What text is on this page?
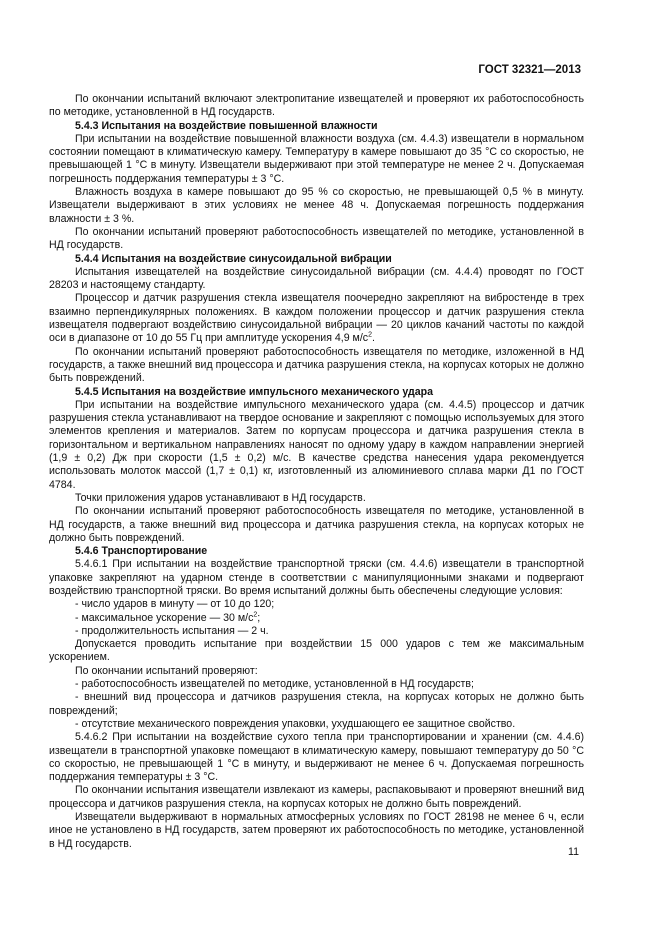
ГОСТ 32321—2013

По окончании испытаний включают электропитание извещателей и проверяют их работоспособность по методике, установленной в НД государств.

5.4.3 Испытания на воздействие повышенной влажности

При испытании на воздействие повышенной влажности воздуха (см. 4.4.3) извещатели в нормальном состоянии помещают в климатическую камеру. Температуру в камере повышают до 35 °С со скоростью, не превышающей 1 °С в минуту. Извещатели выдерживают при этой температуре не менее 2 ч. Допускаемая погрешность поддержания температуры ± 3 °С.

Влажность воздуха в камере повышают до 95 % со скоростью, не превышающей 0,5 % в минуту. Извещатели выдерживают в этих условиях не менее 48 ч. Допускаемая погрешность поддержания влажности ± 3 %.

По окончании испытаний проверяют работоспособность извещателей по методике, установленной в НД государств.

5.4.4 Испытания на воздействие синусоидальной вибрации

Испытания извещателей на воздействие синусоидальной вибрации (см. 4.4.4) проводят по ГОСТ 28203 и настоящему стандарту.

Процессор и датчик разрушения стекла извещателя поочередно закрепляют на вибростенде в трех взаимно перпендикулярных положениях. В каждом положении процессор и датчик разрушения стекла извещателя подвергают воздействию синусоидальной вибрации — 20 циклов качаний частоты по каждой оси в диапазоне от 10 до 55 Гц при амплитуде ускорения 4,9 $м/с^2$.

По окончании испытаний проверяют работоспособность извещателя по методике, изложенной в НД государств, а также внешний вид процессора и датчика разрушения стекла, на корпусах которых не должно быть повреждений.

5.4.5 Испытания на воздействие импульсного механического удара

При испытании на воздействие импульсного механического удара (см. 4.4.5) процессор и датчик разрушения стекла устанавливают на твердое основание и закрепляют с помощью используемых для этого элементов крепления и материалов. Затем по корпусам процессора и датчика разрушения стекла в горизонтальном и вертикальном направлениях наносят по одному удару в каждом направлении энергией (1,9 ± 0,2) Дж при скорости (1,5 ± 0,2) м/с. В качестве средства нанесения удара рекомендуется использовать молоток массой (1,7 ± 0,1) кг, изготовленный из алюминиевого сплава марки Д1 по ГОСТ 4784.

Точки приложения ударов устанавливают в НД государств.

По окончании испытаний проверяют работоспособность извещателя по методике, установленной в НД государств, а также внешний вид процессора и датчика разрушения стекла, на корпусах которых не должно быть повреждений.

5.4.6 Транспортирование

5.4.6.1 При испытании на воздействие транспортной тряски (см. 4.4.6) извещатели в транспортной упаковке закрепляют на ударном стенде в соответствии с манипуляционными знаками и подвергают воздействию транспортной тряски. Во время испытаний должны быть обеспечены следующие условия:

- число ударов в минуту — от 10 до 120;

- максимальное ускорение — 30 $м/с^2$;

- продолжительность испытания — 2 ч.

Допускается проводить испытание при воздействии 15 000 ударов с тем же максимальным ускорением.

По окончании испытаний проверяют:

- работоспособность извещателей по методике, установленной в НД государств;

- внешний вид процессора и датчиков разрушения стекла, на корпусах которых не должно быть повреждений;

- отсутствие механического повреждения упаковки, ухудшающего ее защитное свойство.

5.4.6.2 При испытании на воздействие сухого тепла при транспортировании и хранении (см. 4.4.6) извещатели в транспортной упаковке помещают в климатическую камеру, повышают температуру до 50 °С со скоростью, не превышающей 1 °С в минуту, и выдерживают не менее 6 ч. Допускаемая погрешность поддержания температуры ± 3 °С.

По окончании испытания извещатели извлекают из камеры, распаковывают и проверяют внешний вид процессора и датчиков разрушения стекла, на корпусах которых не должно быть повреждений.

Извещатели выдерживают в нормальных атмосферных условиях по ГОСТ 28198 не менее 6 ч, если иное не установлено в НД государств, затем проверяют их работоспособность по методике, установленной в НД государств.

11
